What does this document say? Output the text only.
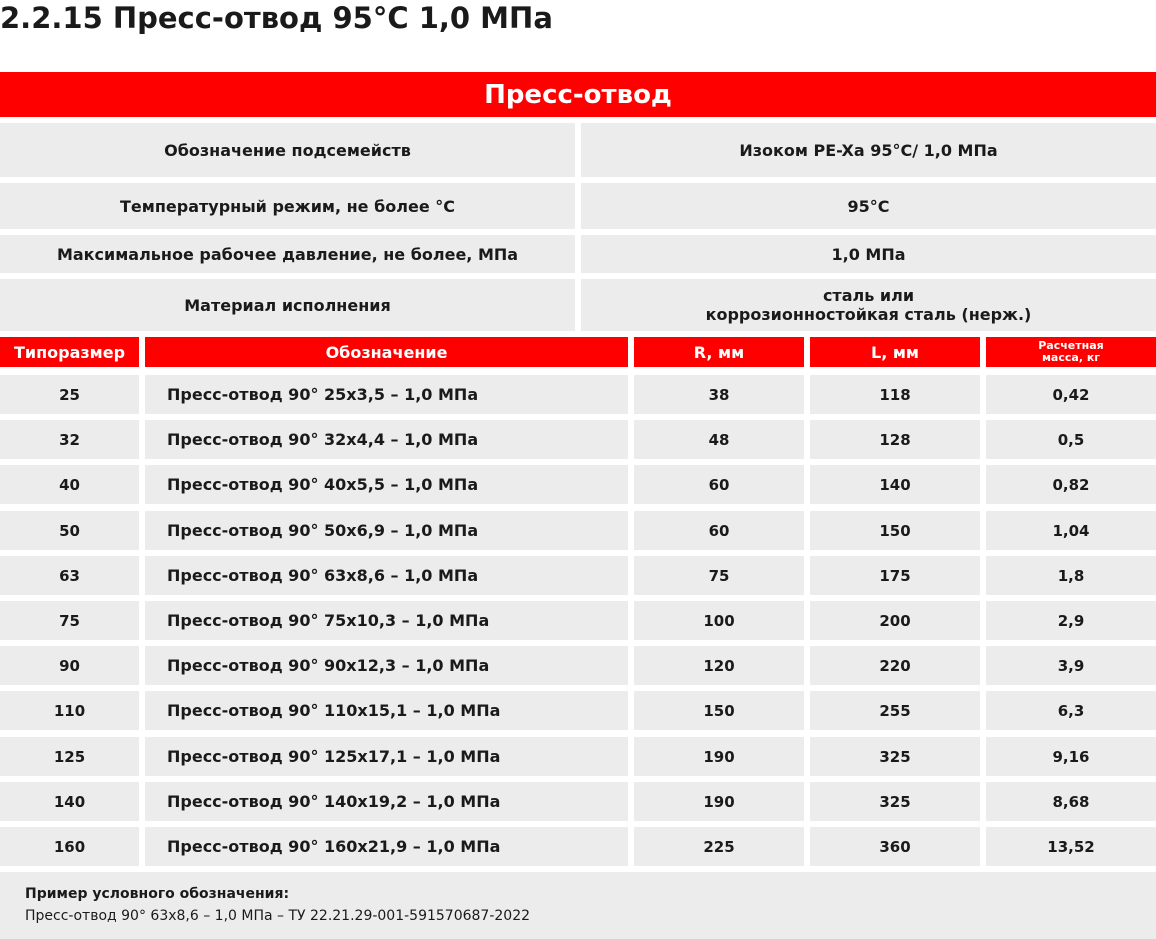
2.2.15 Пресс-отвод 95°C 1,0 МПа
Пресс-отвод
Обозначение подсемейств	Изоком PE-Xa 95°C/ 1,0 МПа
Температурный режим, не более °С	95°С
Максимальное рабочее давление, не более, МПа	1,0 МПа
Материал исполнения	сталь или
коррозионностойкая сталь (нерж.)
Типоразмер	Обозначение	R, мм	L, мм	Расчетная
масса, кг
25	Пресс-отвод 90° 25х3,5 – 1,0 МПа	38	118	0,42
32	Пресс-отвод 90° 32х4,4 – 1,0 МПа	48	128	0,5
40	Пресс-отвод 90° 40х5,5 – 1,0 МПа	60	140	0,82
50	Пресс-отвод 90° 50х6,9 – 1,0 МПа	60	150	1,04
63	Пресс-отвод 90° 63х8,6 – 1,0 МПа	75	175	1,8
75	Пресс-отвод 90° 75х10,3 – 1,0 МПа	100	200	2,9
90	Пресс-отвод 90° 90х12,3 – 1,0 МПа	120	220	3,9
110	Пресс-отвод 90° 110х15,1 – 1,0 МПа	150	255	6,3
125	Пресс-отвод 90° 125х17,1 – 1,0 МПа	190	325	9,16
140	Пресс-отвод 90° 140х19,2 – 1,0 МПа	190	325	8,68
160	Пресс-отвод 90° 160х21,9 – 1,0 МПа	225	360	13,52
Пример условного обозначения:
Пресс-отвод 90° 63х8,6 – 1,0 МПа – ТУ 22.21.29-001-591570687-2022
